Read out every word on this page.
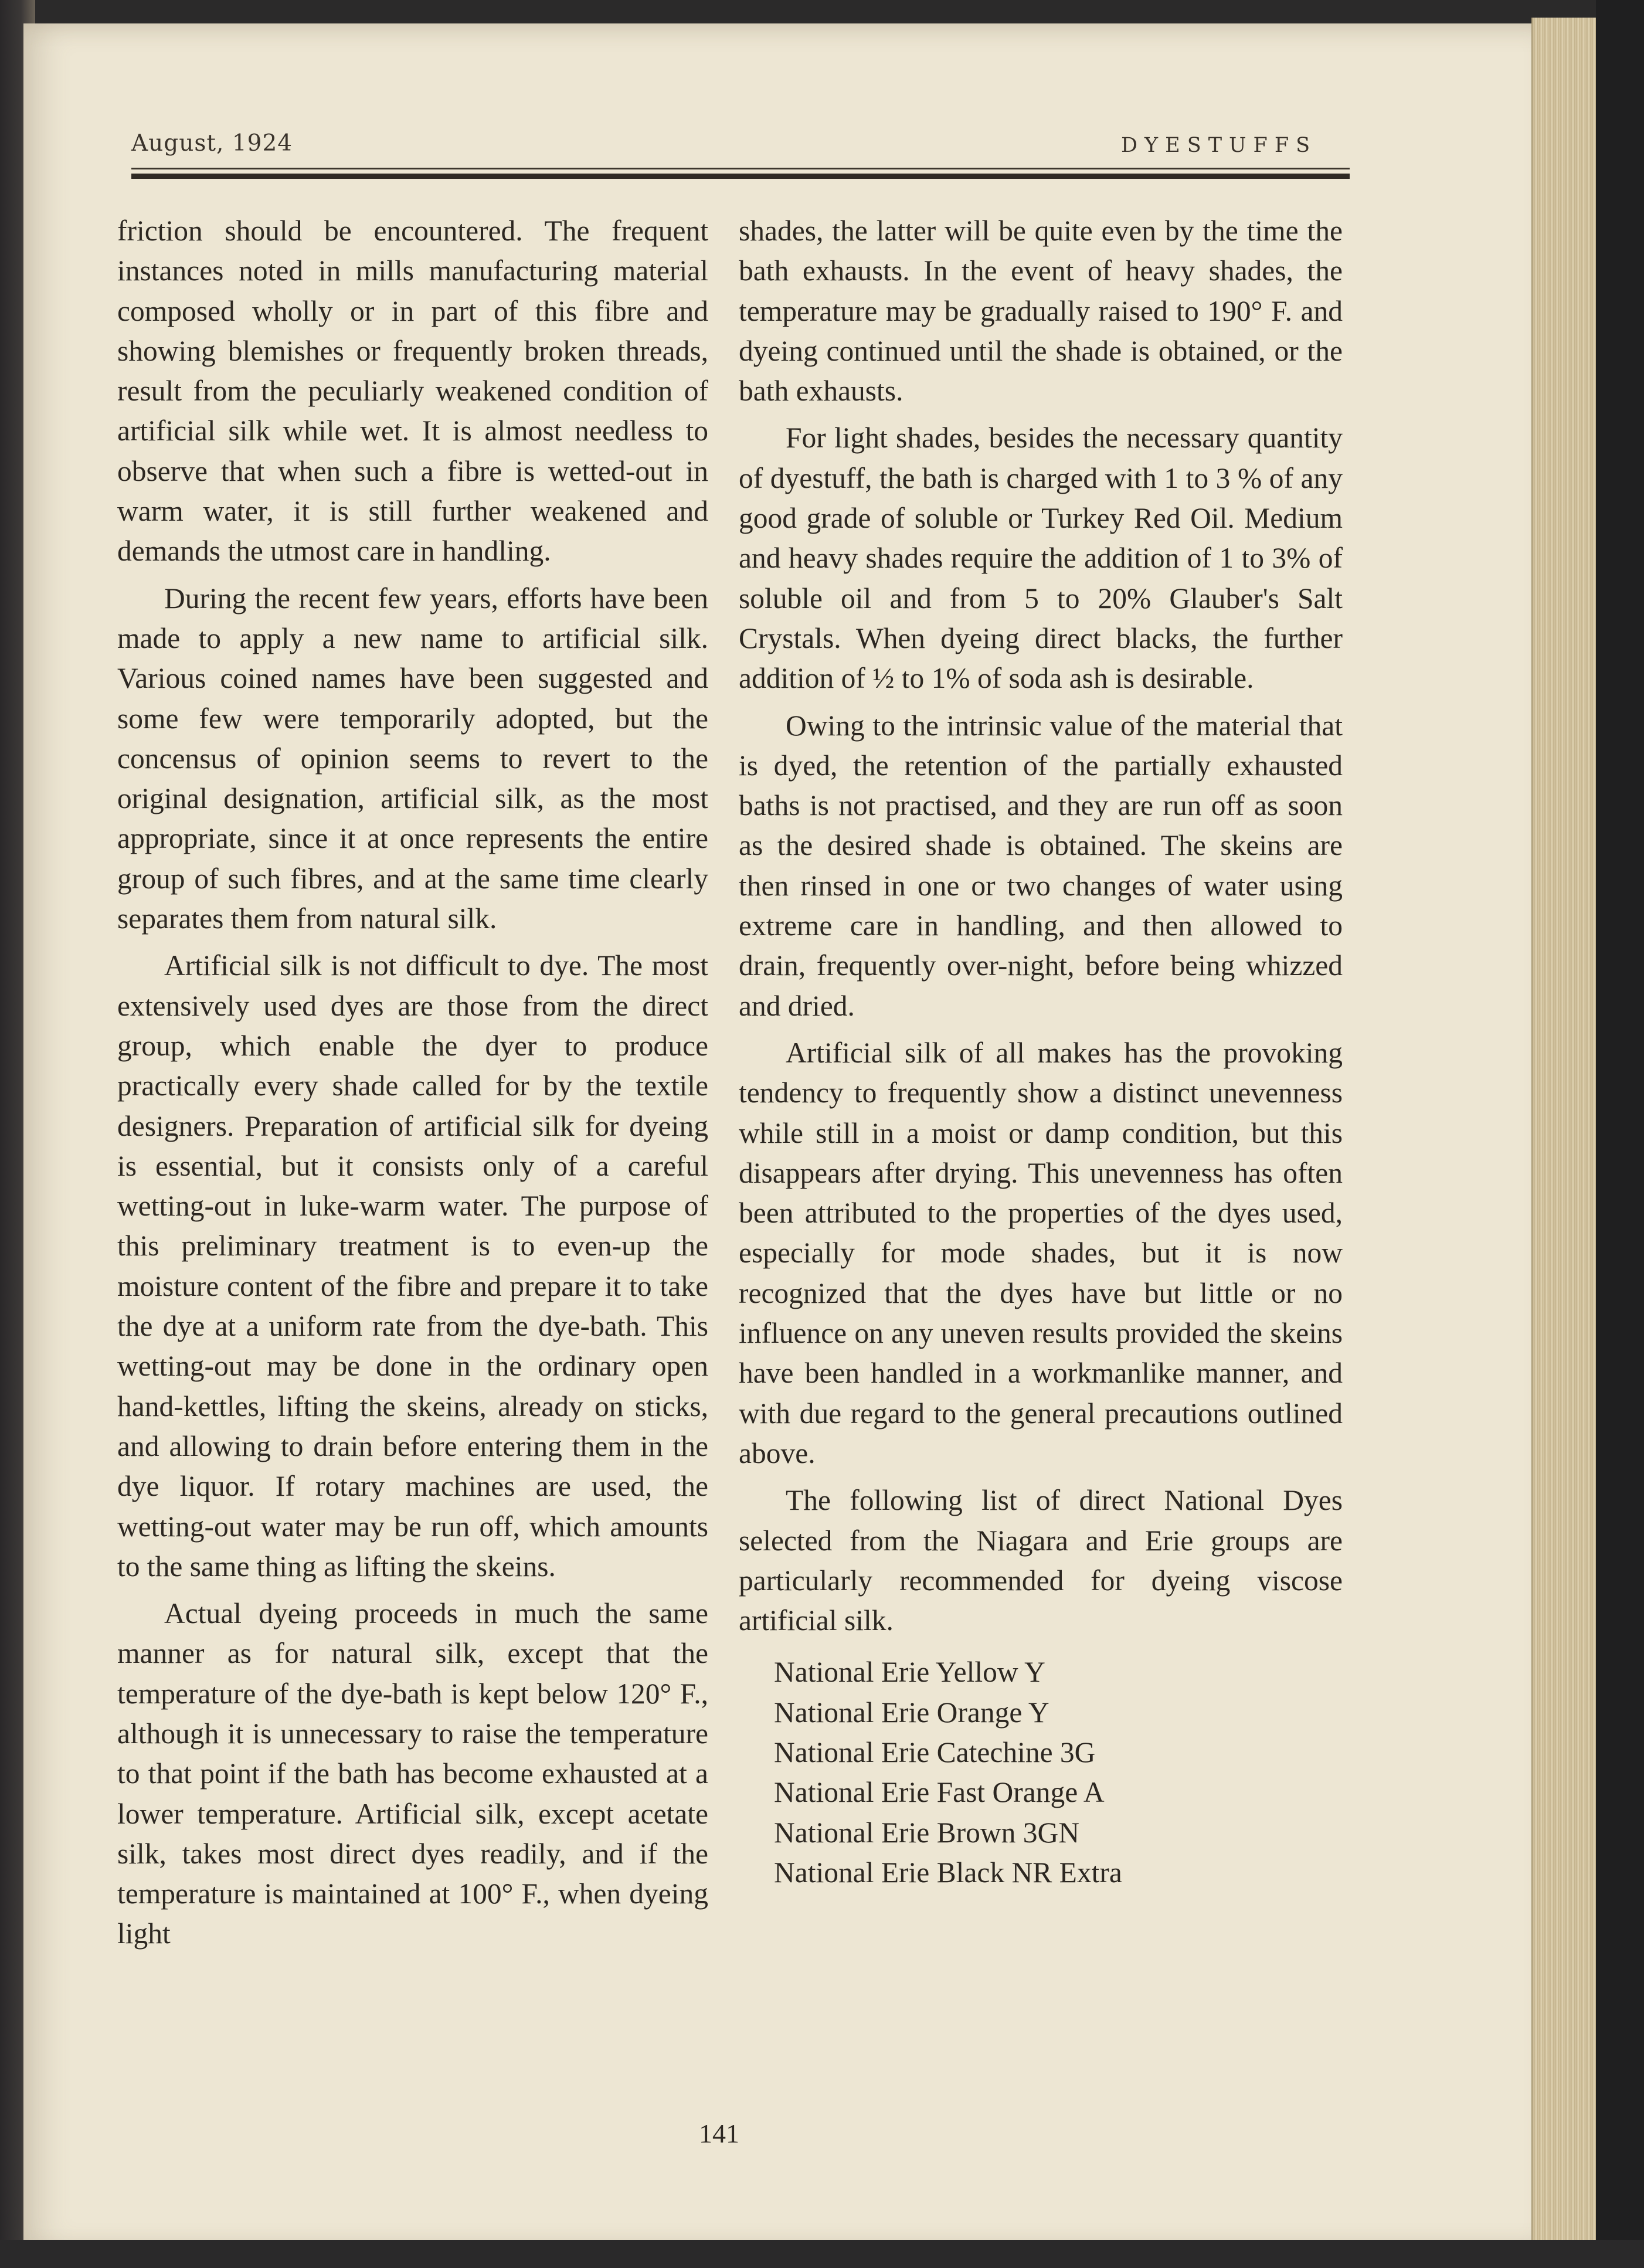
August, 1924	DYESTUFFS

friction should be encountered. The frequent instances noted in mills manufacturing material composed wholly or in part of this fibre and showing blemishes or frequently broken threads, result from the peculiarly weakened condition of artificial silk while wet. It is almost needless to observe that when such a fibre is wetted-out in warm water, it is still further weakened and demands the utmost care in handling.

During the recent few years, efforts have been made to apply a new name to artificial silk. Various coined names have been suggested and some few were temporarily adopted, but the concensus of opinion seems to revert to the original designation, artificial silk, as the most appropriate, since it at once represents the entire group of such fibres, and at the same time clearly separates them from natural silk.

Artificial silk is not difficult to dye. The most extensively used dyes are those from the direct group, which enable the dyer to produce practically every shade called for by the textile designers. Preparation of artificial silk for dyeing is essential, but it consists only of a careful wetting-out in luke-warm water. The purpose of this preliminary treatment is to even-up the moisture content of the fibre and prepare it to take the dye at a uniform rate from the dye-bath. This wetting-out may be done in the ordinary open hand-kettles, lifting the skeins, already on sticks, and allowing to drain before entering them in the dye liquor. If rotary machines are used, the wetting-out water may be run off, which amounts to the same thing as lifting the skeins.

Actual dyeing proceeds in much the same manner as for natural silk, except that the temperature of the dye-bath is kept below 120° F., although it is unnecessary to raise the temperature to that point if the bath has become exhausted at a lower temperature. Artificial silk, except acetate silk, takes most direct dyes readily, and if the temperature is maintained at 100° F., when dyeing light

shades, the latter will be quite even by the time the bath exhausts. In the event of heavy shades, the temperature may be gradually raised to 190° F. and dyeing continued until the shade is obtained, or the bath exhausts.

For light shades, besides the necessary quantity of dyestuff, the bath is charged with 1 to 3 % of any good grade of soluble or Turkey Red Oil. Medium and heavy shades require the addition of 1 to 3% of soluble oil and from 5 to 20% Glauber's Salt Crystals. When dyeing direct blacks, the further addition of ½ to 1% of soda ash is desirable.

Owing to the intrinsic value of the material that is dyed, the retention of the partially exhausted baths is not practised, and they are run off as soon as the desired shade is obtained. The skeins are then rinsed in one or two changes of water using extreme care in handling, and then allowed to drain, frequently over-night, before being whizzed and dried.

Artificial silk of all makes has the provoking tendency to frequently show a distinct unevenness while still in a moist or damp condition, but this disappears after drying. This unevenness has often been attributed to the properties of the dyes used, especially for mode shades, but it is now recognized that the dyes have but little or no influence on any uneven results provided the skeins have been handled in a workmanlike manner, and with due regard to the general precautions outlined above.

The following list of direct National Dyes selected from the Niagara and Erie groups are particularly recommended for dyeing viscose artificial silk.

National Erie Yellow Y
National Erie Orange Y
National Erie Catechine 3G
National Erie Fast Orange A
National Erie Brown 3GN
National Erie Black NR Extra
141
